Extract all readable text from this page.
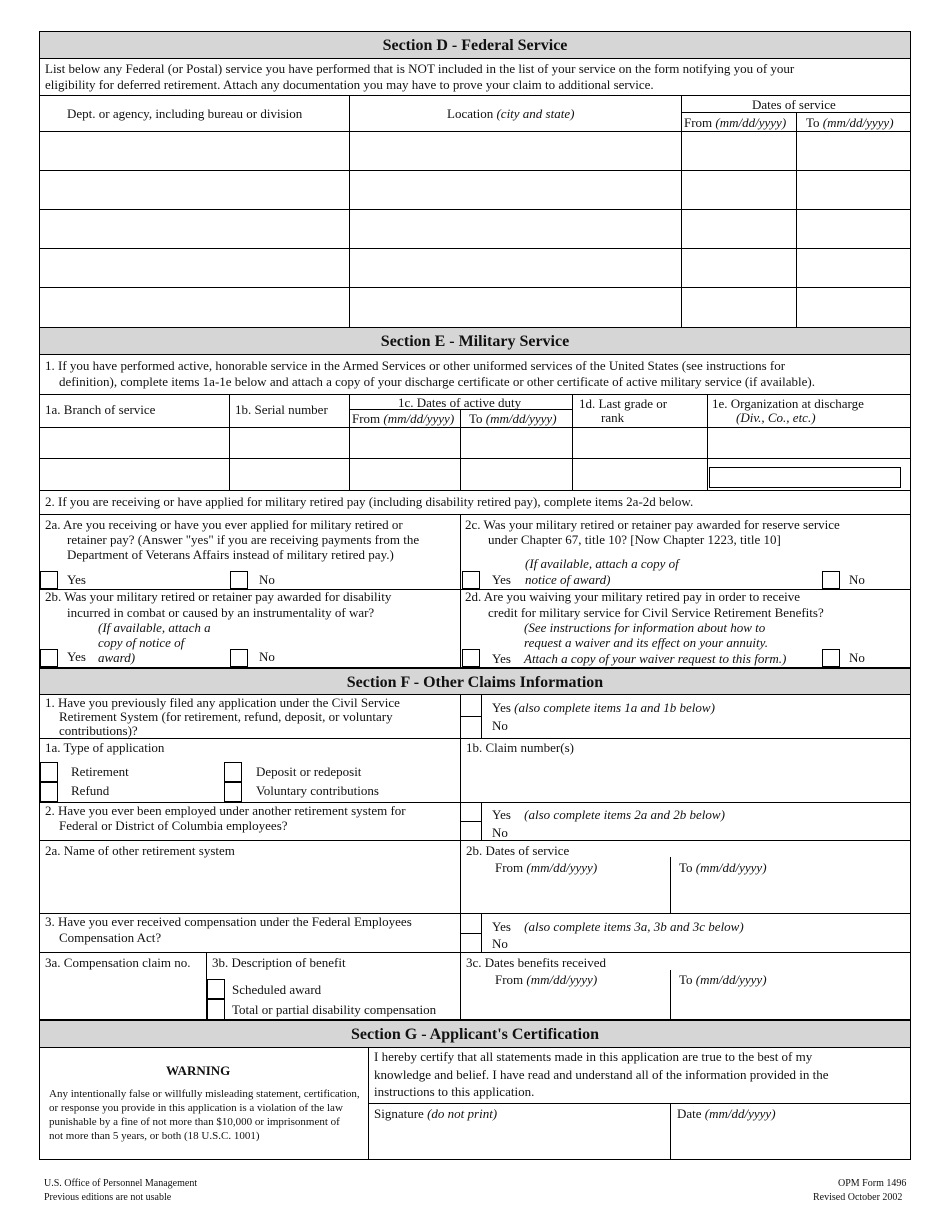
Section D - Federal Service
List below any Federal (or Postal) service you have performed that is NOT included in the list of your service on the form notifying you of your
eligibility for deferred retirement. Attach any documentation you may have to prove your claim to additional service.
Dept. or agency, including bureau or division	Location (city and state)
Dates of service
From (mm/dd/yyyy) To (mm/dd/yyyy)
Section E - Military Service
1. If you have performed active, honorable service in the Armed Services or other uniformed services of the United States (see instructions for
definition), complete items 1a-1e below and attach a copy of your discharge certificate or other certificate of active military service (if available).
1a. Branch of service	1b. Serial number	1c. Dates of active duty
From (mm/dd/yyyy) To (mm/dd/yyyy)
1d. Last grade or
rank
1e. Organization at discharge
(Div., Co., etc.)
2. If you are receiving or have applied for military retired pay (including disability retired pay), complete items 2a-2d below.
2a. Are you receiving or have you ever applied for military retired or
retainer pay? (Answer "yes" if you are receiving payments from the
Department of Veterans Affairs instead of military retired pay.)
Yes	No
2c. Was your military retired or retainer pay awarded for reserve service
under Chapter 67, title 10? [Now Chapter 1223, title 10]
(If available, attach a copy of
notice of award)
Yes	No
2b. Was your military retired or retainer pay awarded for disability
incurred in combat or caused by an instrumentality of war?
(If available, attach a
copy of notice of
award)
Yes	No
2d. Are you waiving your military retired pay in order to receive
credit for military service for Civil Service Retirement Benefits?
(See instructions for information about how to
request a waiver and its effect on your annuity.
Attach a copy of your waiver request to this form.)
Yes	No
Section F - Other Claims Information
1. Have you previously filed any application under the Civil Service
Retirement System (for retirement, refund, deposit, or voluntary
contributions)?
Yes (also complete items 1a and 1b below)
No
1a. Type of application
Retirement
Refund
Deposit or redeposit
Voluntary contributions
1b. Claim number(s)
2. Have you ever been employed under another retirement system for
Federal or District of Columbia employees?
Yes (also complete items 2a and 2b below)
No
2a. Name of other retirement system	2b. Dates of service
From (mm/dd/yyyy)	To (mm/dd/yyyy)
3. Have you ever received compensation under the Federal Employees
Compensation Act?
Yes (also complete items 3a, 3b and 3c below)
No
3a. Compensation claim no. 3b. Description of benefit
Scheduled award
Total or partial disability compensation
3c. Dates benefits received
From (mm/dd/yyyy)	To (mm/dd/yyyy)
Section G - Applicant's Certification
WARNING
Any intentionally false or willfully misleading statement, certification,
or response you provide in this application is a violation of the law
punishable by a fine of not more than $10,000 or imprisonment of
not more than 5 years, or both (18 U.S.C. 1001)
I hereby certify that all statements made in this application are true to the best of my
knowledge and belief. I have read and understand all of the information provided in the
instructions to this application.
Signature (do not print)	Date (mm/dd/yyyy)
U.S. Office of Personnel Management
Previous editions are not usable
OPM Form 1496
Revised October 2002
